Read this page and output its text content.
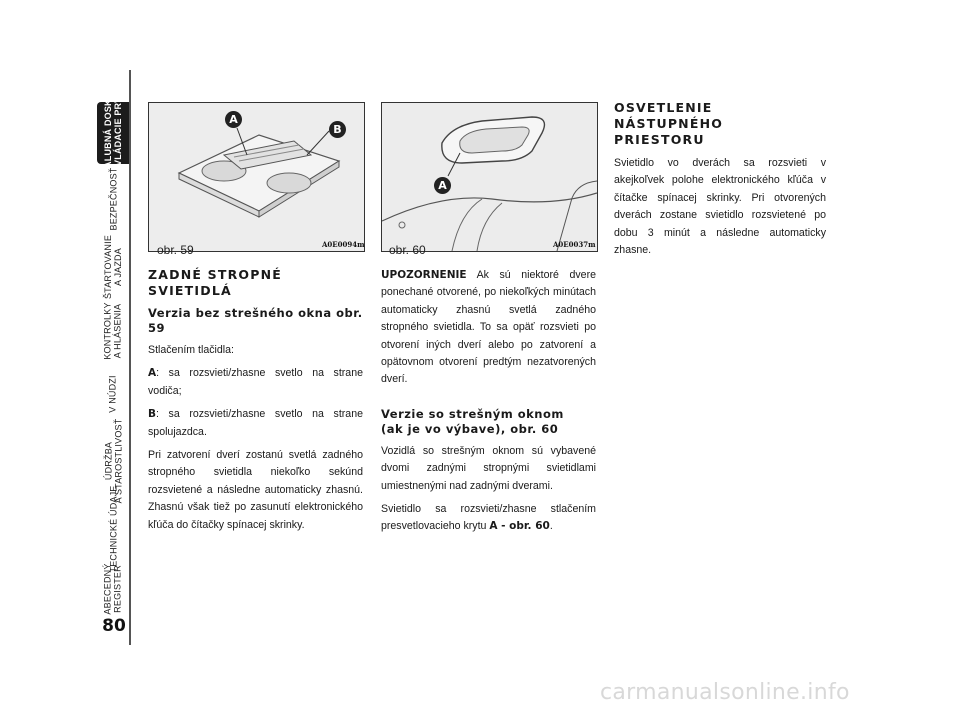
PALUBNÁ DOSKA
A OVLÁDACIE PRVKY
BEZPEČNOSŤ
ŠTARTOVANIE
A JAZDA
KONTROLKY
A HLÁSENIA
V NÚDZI
ÚDRŽBA
A STAROSTLIVOSŤ
TECHNICKÉ ÚDAJE
ABECEDNÝ
REGISTER
80
A
B
A0E0094m
obr. 59
A
A0E0037m
obr. 60
ZADNÉ STROPNÉ SVIETIDLÁ
Verzia bez strešného okna obr. 59

Stlačením tlačidla:

A: sa rozsvieti/zhasne svetlo na strane vodiča;

B: sa rozsvieti/zhasne svetlo na strane spolujazdca.

Pri zatvorení dverí zostanú svetlá zadného stropného svietidla niekoľko sekúnd rozsvietené a následne automaticky zhasnú. Zhasnú však tiež po zasunutí elektronického kľúča do čítačky spínacej skrinky.

UPOZORNENIE Ak sú niektoré dvere ponechané otvorené, po niekoľkých minútach automaticky zhasnú svetlá zadného stropného svietidla. To sa opäť rozsvieti po otvorení iných dverí alebo po zatvorení a opätovnom otvorení predtým nezatvorených dverí.

Verzie so strešným oknom
(ak je vo výbave), obr. 60

Vozidlá so strešným oknom sú vybavené dvomi zadnými stropnými svietidlami umiestnenými nad zadnými dverami.

Svietidlo sa rozsvieti/zhasne stlačením presvetlovacieho krytu A - obr. 60.

OSVETLENIE NÁSTUPNÉHO
PRIESTORU

Svietidlo vo dverách sa rozsvieti v akejkoľvek polohe elektronického kľúča v čítačke spínacej skrinky. Pri otvorených dverách zostane svietidlo rozsvietené po dobu 3 minút a následne automaticky zhasne.

carmanualsonline.info
